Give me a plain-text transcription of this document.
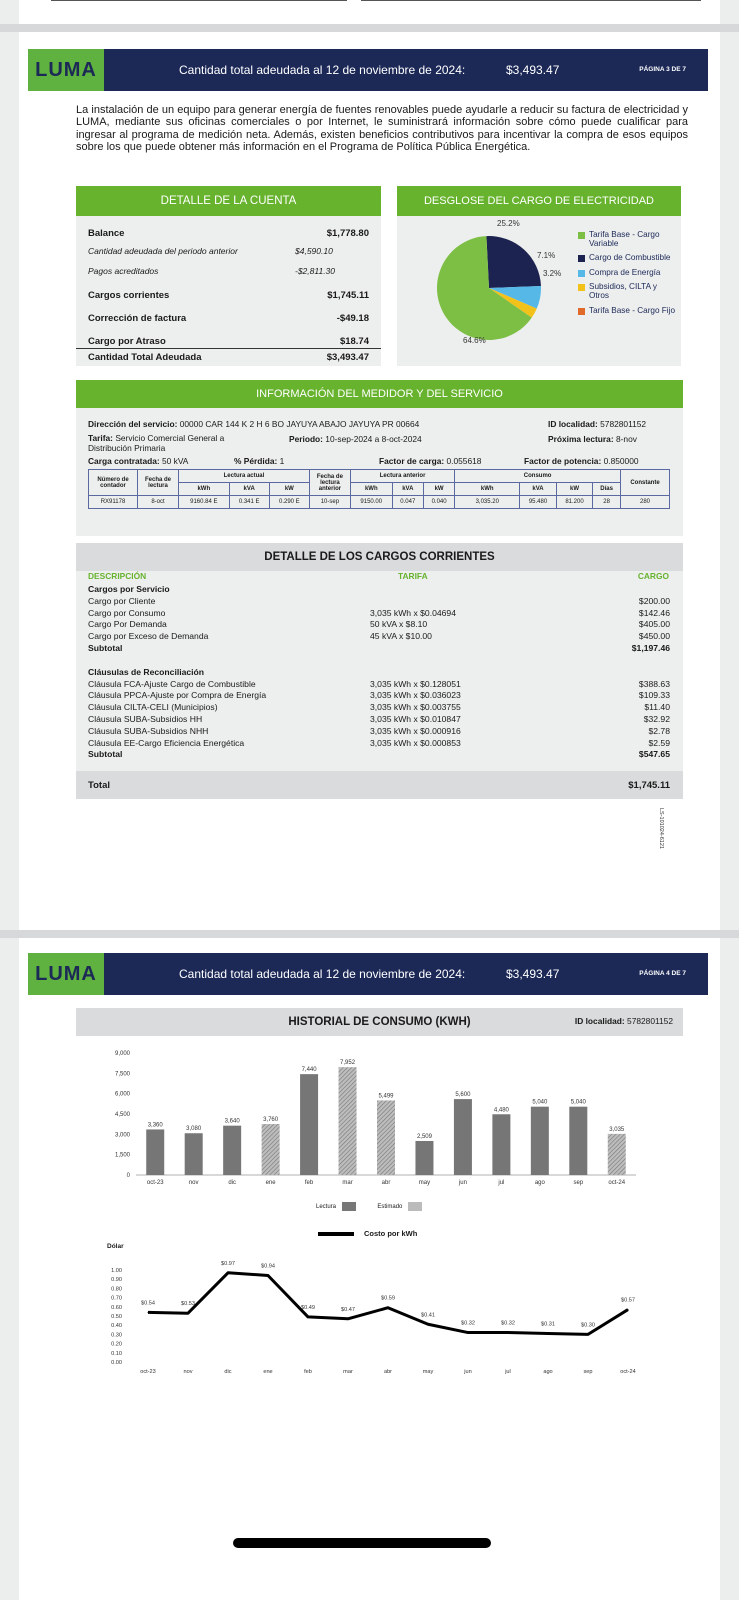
LUMA	Cantidad total adeudada al 12 de noviembre de 2024:	$3,493.47	PÁGINA 3 DE 7
La instalación de un equipo para generar energía de fuentes renovables puede ayudarle a reducir su factura de electricidad y LUMA, mediante sus oficinas comerciales o por Internet, le suministrará información sobre cómo puede cualificar para ingresar al programa de medición neta. Además, existen beneficios contributivos para incentivar la compra de esos equipos sobre los que puede obtener más información en el Programa de Política Pública Energética.
DETALLE DE LA CUENTA
Balance	$1,778.80
Cantidad adeudada del periodo anterior	$4,590.10
Pagos acreditados	-$2,811.30
Cargos corrientes	$1,745.11
Corrección de factura	-$49.18
Cargo por Atraso	$18.74
Cantidad Total Adeudada	$3,493.47
DESGLOSE DEL CARGO DE ELECTRICIDAD
25.2%
7.1%
3.2%
64.6%
Tarifa Base - Cargo Variable
Cargo de Combustible
Compra de Energía
Subsidios, CILTA y Otros
Tarifa Base - Cargo Fijo
INFORMACIÓN DEL MEDIDOR Y DEL SERVICIO
Dirección del servicio: 00000 CAR 144 K 2 H 6 BO JAYUYA ABAJO JAYUYA PR 00664	ID localidad: 5782801152
Tarifa: Servicio Comercial General a Distribución Primaria
Periodo: 10-sep-2024 a 8-oct-2024	Próxima lectura: 8-nov
Carga contratada: 50 kVA	% Pérdida: 1	Factor de carga: 0.055618	Factor de potencia: 0.850000
Número de contador	Fecha de lectura	Lectura actual			Fecha de lectura anterior	Lectura anterior			Consumo				Constante
		kWh	kVA	kW		kWh	kVA	kW	kWh	kVA	kW	Días	
RX91178	8-oct	9160.84 E	0.341 E	0.290 E	10-sep	9150.00	0.047	0.040	3,035.20	95.480	81.200	28	280
DETALLE DE LOS CARGOS CORRIENTES
DESCRIPCIÓN	TARIFA	CARGO
Cargos por Servicio
Cargo por Cliente	$200.00
Cargo por Consumo	3,035 kWh x $0.04694	$142.46
Cargo Por Demanda	50 kVA x $8.10	$405.00
Cargo por Exceso de Demanda	45 kVA x $10.00	$450.00
Subtotal	$1,197.46
Cláusulas de Reconciliación
Cláusula FCA-Ajuste Cargo de Combustible	3,035 kWh x $0.128051	$388.63
Cláusula PPCA-Ajuste por Compra de Energía	3,035 kWh x $0.036023	$109.33
Cláusula CILTA-CELI (Municipios)	3,035 kWh x $0.003755	$11.40
Cláusula SUBA-Subsidios HH	3,035 kWh x $0.010847	$32.92
Cláusula SUBA-Subsidios NHH	3,035 kWh x $0.000916	$2.78
Cláusula EE-Cargo Eficiencia Energética	3,035 kWh x $0.000853	$2.59
Subtotal	$547.65
Total	$1,745.11
LS-101024-6121
LUMA	Cantidad total adeudada al 12 de noviembre de 2024:	$3,493.47	PÁGINA 4 DE 7
HISTORIAL DE CONSUMO (KWH)	ID localidad: 5782801152
0
1,500
3,000
4,500
6,000
7,500
9,000
3,360
oct-23
3,080
nov
3,640
dic
3,760
ene
7,440
feb
7,952
mar
5,499
abr
2,509
may
5,600
jun
4,480
jul
5,040
ago
5,040
sep
3,035
oct-24
Lectura	Estimado
Costo por kWh
Dólar
0.00
0.10
0.20
0.30
0.40
0.50
0.60
0.70
0.80
0.90
1.00
$0.54
oct-23
$0.53
nov
$0.97
dic
$0.94
ene
$0.49
feb
$0.47
mar
$0.59
abr
$0.41
may
$0.32
jun
$0.32
jul
$0.31
ago
$0.30
sep
$0.57
oct-24
